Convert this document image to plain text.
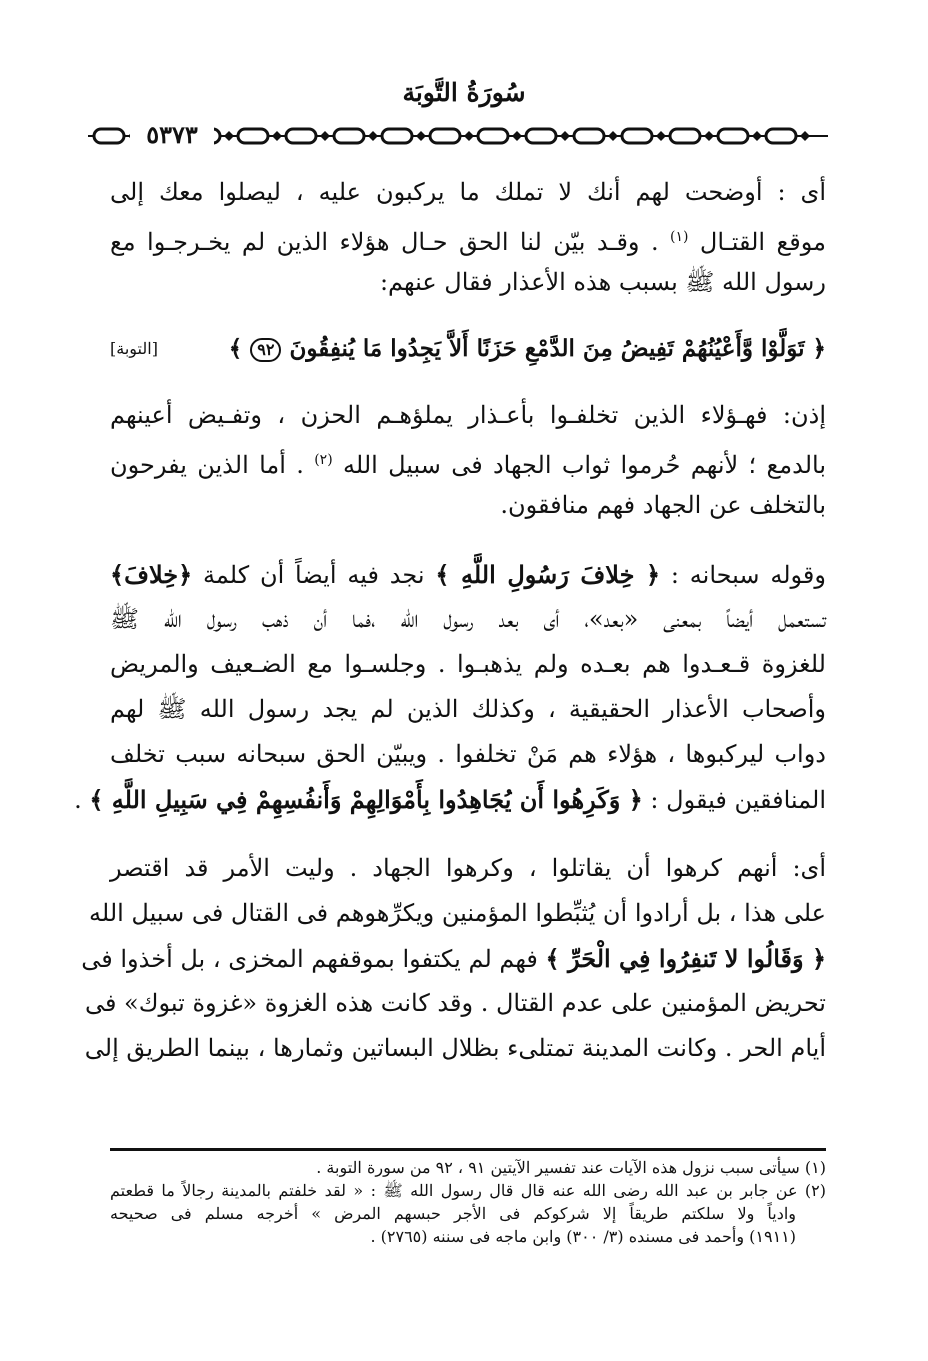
سُورَةُ التَّوبَة
٥٣٧٣
أى : أوضحت لهم أنك لا تملك ما يركبون عليه ، ليصلوا معك إلى
موقع القتـال $^{(١)}$ . وقـد بيّن لنا الحق حـال هؤلاء الذين لم يخـرجـوا مع
رسول الله ﷺ بسبب هذه الأعذار فقال عنهم:
﴿ تَوَلَّوْا وَّأَعْيُنُهُمْ تَفِيضُ مِنَ الدَّمْعِ حَزَنًا أَلاَّ يَجِدُوا مَا يُنفِقُونَ ٩٢ ﴾
[التوبة]
إذن: فهـؤلاء الذين تخلفـوا بأعـذار يملؤهـم الحزن ، وتفـيض أعينهم
بالدمع ؛ لأنهم حُرموا ثواب الجهاد فى سبيل الله $^{(٢)}$ . أما الذين يفرحون
بالتخلف عن الجهاد فهم منافقون.
وقوله سبحانه : ﴿ خِلافَ رَسُولِ اللَّهِ ﴾ نجد فيه أيضاً أن كلمة ﴿خِلافَ﴾
تستعمل أيضاً بمعنى «بعد»، أى بعد رسول الله ،فما أن ذهب رسول الله ﷺ
للغزوة قـعـدوا هم بعـده ولم يذهبـوا . وجلسـوا مع الضـعيف والمريض
وأصحاب الأعذار الحقيقية ، وكذلك الذين لم يجد رسول الله ﷺ لهم
دواب ليركبوها ، هؤلاء هم مَنْ تخلفوا . ويبيّن الحق سبحانه سبب تخلف
المنافقين فيقول : ﴿ وَكَرِهُوا أَن يُجَاهِدُوا بِأَمْوَالِهِمْ وَأَنفُسِهِمْ فِي سَبِيلِ اللَّهِ ﴾ .
أى: أنهم كرهوا أن يقاتلوا ، وكرهوا الجهاد . وليت الأمر قد اقتصر
على هذا ، بل أرادوا أن يُثبِّطوا المؤمنين ويكرِّهوهم فى القتال فى سبيل الله
﴿ وَقَالُوا لا تَنفِرُوا فِي الْحَرِّ ﴾ فهم لم يكتفوا بموقفهم المخزى ، بل أخذوا فى
تحريض المؤمنين على عدم القتال . وقد كانت هذه الغزوة «غزوة تبوك» فى
أيام الحر . وكانت المدينة تمتلىء بظلال البساتين وثمارها ، بينما الطريق إلى
(١) سيأتى سبب نزول هذه الآيات عند تفسير الآيتين ٩١ ، ٩٢ من سورة التوبة .
(٢) عن جابر بن عبد الله رضى الله عنه قال قال رسول الله ﷺ : « لقد خلفتم بالمدينة رجالاً ما قطعتم
وادياً ولا سلكتم طريقاً إلا شركوكم فى الأجر حبسهم المرض » أخرجه مسلم فى صحيحه
(١٩١١) وأحمد فى مسنده (٣/ ٣٠٠) وابن ماجه فى سننه (٢٧٦٥) .
